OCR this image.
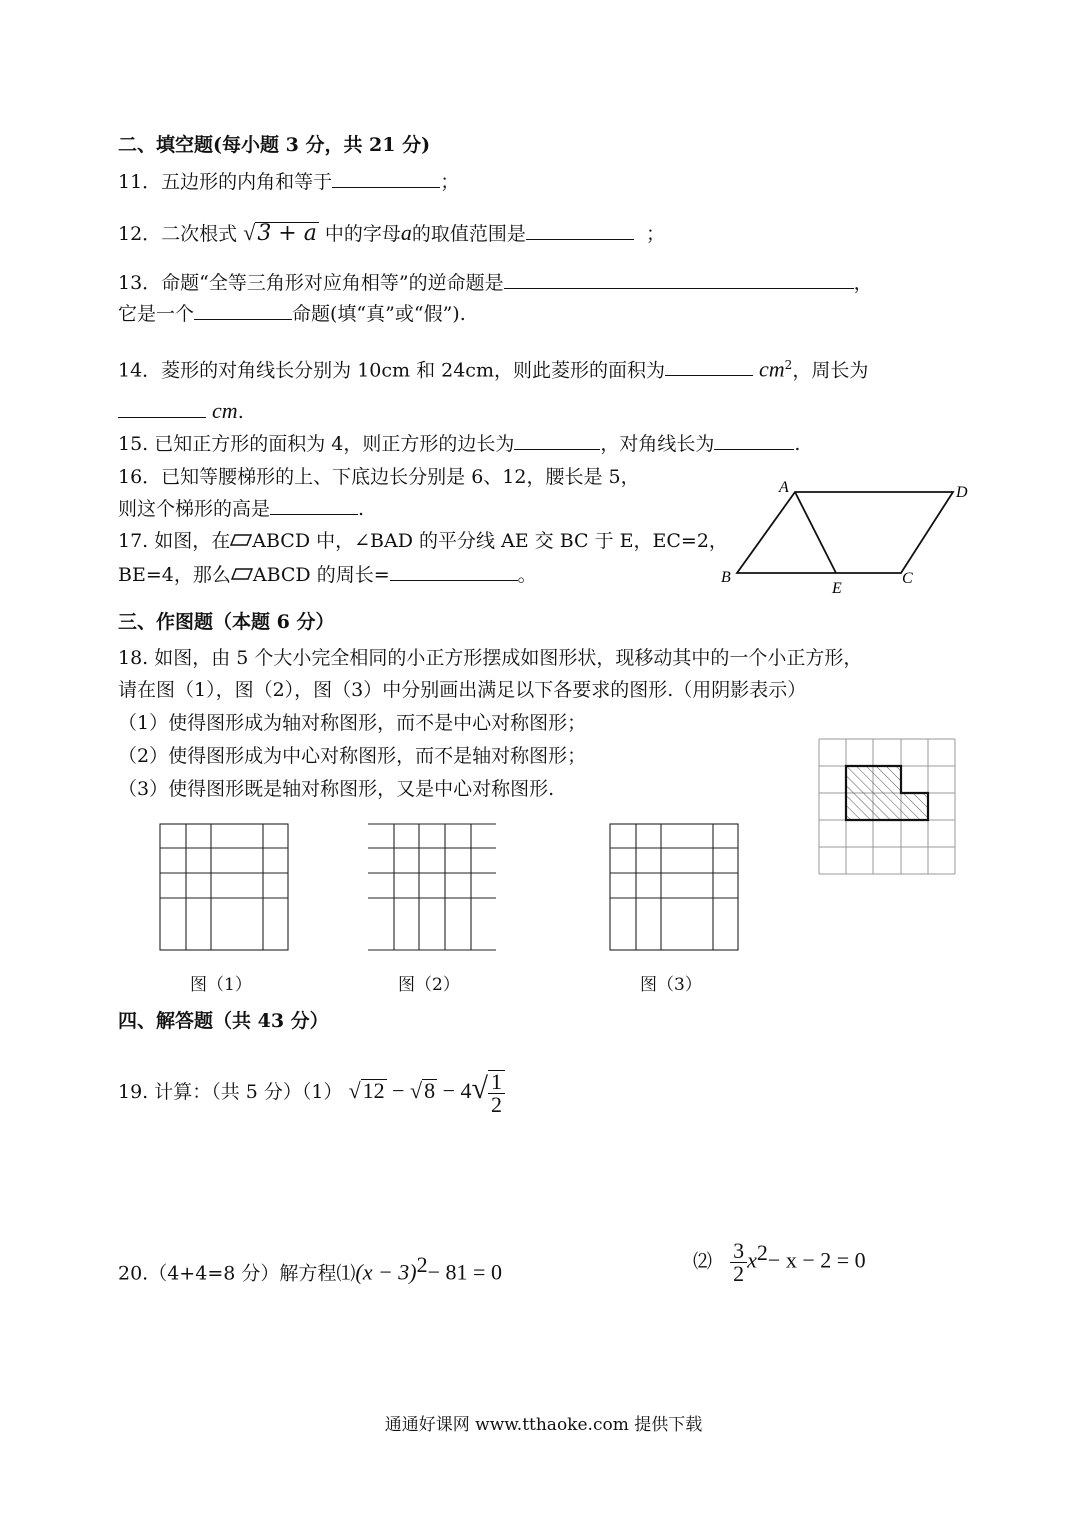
二、填空题(每小题 3 分，共 21 分)
11．五边形的内角和等于	；
12．二次根式 √3 + a 中的字母a的取值范围是	；
13．命题“全等三角形对应角相等”的逆命题是	，
它是一个	命题(填“真”或“假”).
14．菱形的对角线长分别为 10cm 和 24cm，则此菱形的面积为	$cm^2$，周长为
cm.
15. 已知正方形的面积为 4，则正方形的边长为	，对角线长为	.
16．已知等腰梯形的上、下底边长分别是 6、12，腰长是 5，
则这个梯形的高是	.
17. 如图，在 ABCD 中，∠BAD 的平分线 AE 交 BC 于 E，EC=2，
BE=4，那么 ABCD 的周长=	。
A	D
B
E
C
三、作图题（本题 6 分）
18. 如图，由 5 个大小完全相同的小正方形摆成如图形状，现移动其中的一个小正方形，
请在图（1），图（2），图（3）中分别画出满足以下各要求的图形.（用阴影表示）
（1）使得图形成为轴对称图形，而不是中心对称图形；
（2）使得图形成为中心对称图形，而不是轴对称图形；
（3）使得图形既是轴对称图形，又是中心对称图形.
图（1）	图（2）	图（3）
四、解答题（共 43 分）
19. 计算：（共 5 分）（1） $√12 - √8 - 4√ \frac{1}{2}$
20.（4+4=8 分）解方程⑴(x − 3)$^2$− 81 = 0	⑵ $\frac{3}{2} x^2- x - 2 = 0$
通通好课网 www.tthaoke.com 提供下载
